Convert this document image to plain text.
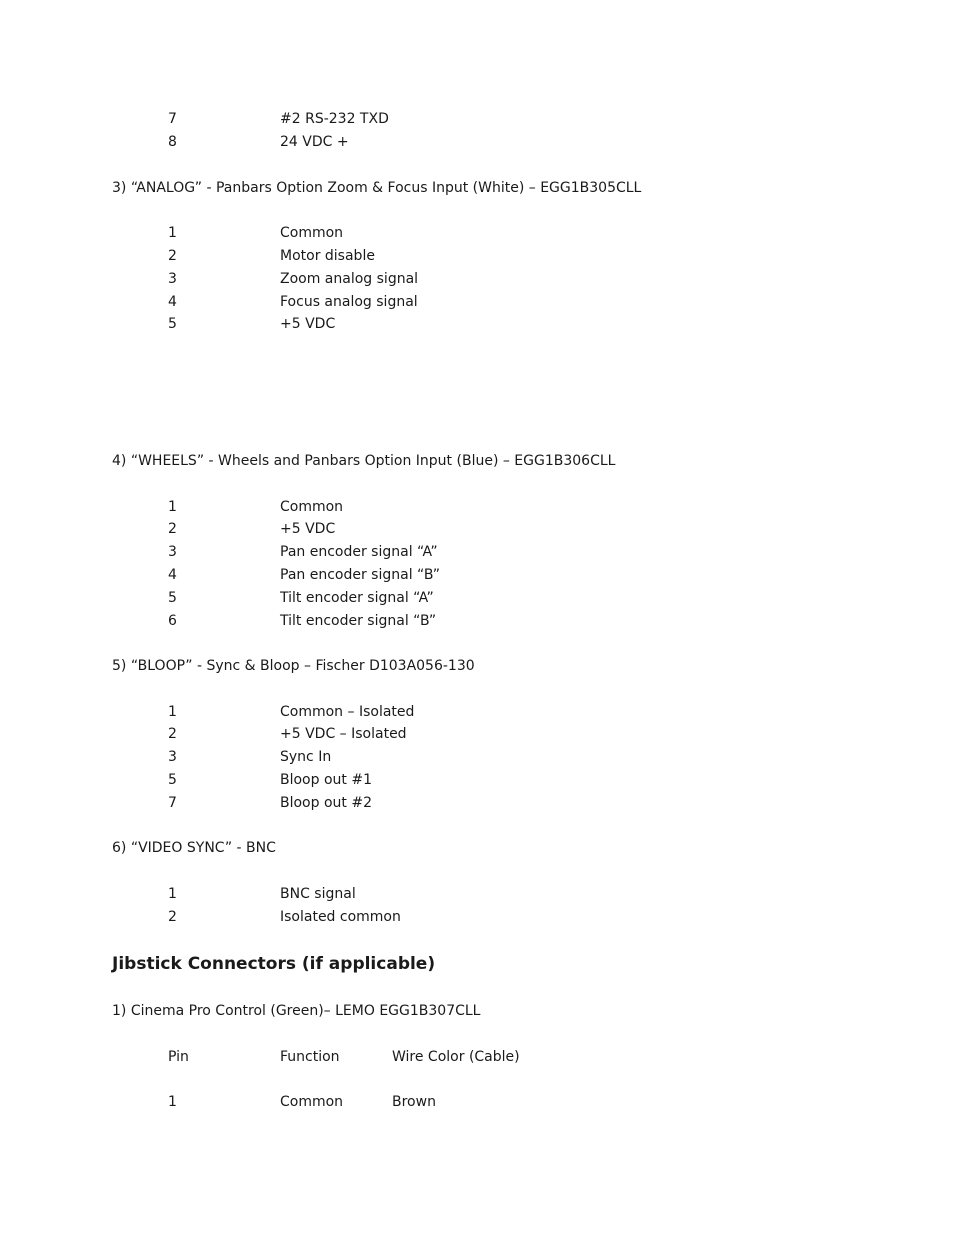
7	#2 RS-232 TXD
8	24 VDC +
3) “ANALOG” - Panbars Option Zoom & Focus Input (White) – EGG1B305CLL
1	Common
2	Motor disable
3	Zoom analog signal
4	Focus analog signal
5	+5 VDC
4) “WHEELS” - Wheels and Panbars Option Input (Blue) – EGG1B306CLL
1	Common
2	+5 VDC
3	Pan encoder signal “A”
4	Pan encoder signal “B”
5	Tilt encoder signal “A”
6	Tilt encoder signal “B”
5) “BLOOP” - Sync & Bloop – Fischer D103A056-130
1	Common – Isolated
2	+5 VDC – Isolated
3	Sync In
5	Bloop out #1
7	Bloop out #2
6) “VIDEO SYNC” - BNC
1	BNC signal
2	Isolated common
Jibstick Connectors (if applicable)
1) Cinema Pro Control (Green)– LEMO EGG1B307CLL
Pin	Function	Wire Color (Cable)
1	Common	Brown
